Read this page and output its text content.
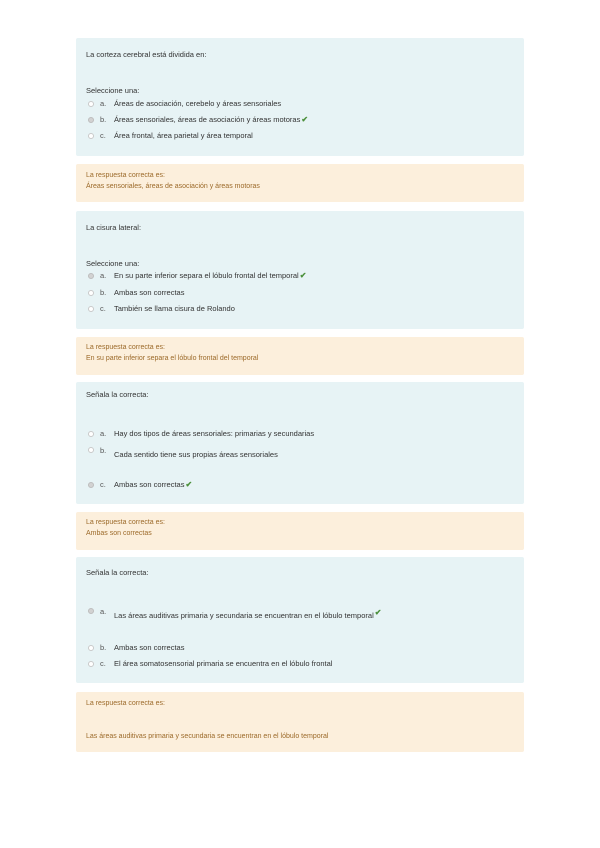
La corteza cerebral está dividida en:
Seleccione una:
a.	Áreas de asociación, cerebelo y áreas sensoriales
b.	Áreas sensoriales, áreas de asociación y áreas motoras ✔
c.	Área frontal, área parietal y área temporal
La respuesta correcta es:
Áreas sensoriales, áreas de asociación y áreas motoras
La cisura lateral:
Seleccione una:
a.	En su parte inferior separa el lóbulo frontal del temporal ✔
b.	Ambas son correctas
c.	También se llama cisura de Rolando
La respuesta correcta es:
En su parte inferior separa el lóbulo frontal del temporal
Señala la correcta:
a.	Hay dos tipos de áreas sensoriales: primarias y secundarias
b.	Cada sentido tiene sus propias áreas sensoriales
c.	Ambas son correctas ✔
La respuesta correcta es:
Ambas son correctas
Señala la correcta:
a.	Las áreas auditivas primaria y secundaria se encuentran en el lóbulo temporal ✔
b.	Ambas son correctas
c.	El área somatosensorial primaria se encuentra en el lóbulo frontal
La respuesta correcta es:
Las áreas auditivas primaria y secundaria se encuentran en el lóbulo temporal
